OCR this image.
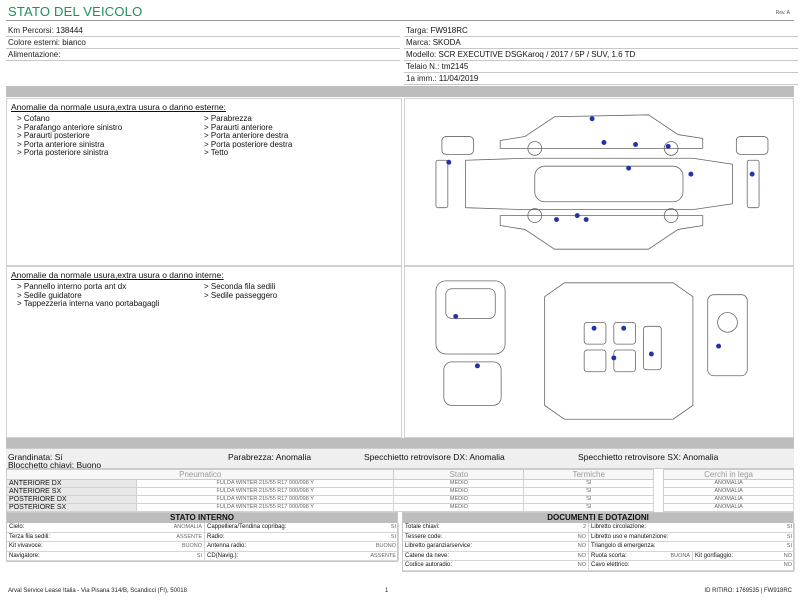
STATO DEL VEICOLO	Rev. A
Km Percorsi: 138444
Colore esterni: bianco
Alimentazione:
Targa: FW918RC
Marca: SKODA
Modello: SCR EXECUTIVE DSGKaroq / 2017 / 5P / SUV, 1.6 TD
Telaio N.: tm2145
1a imm.: 11/04/2019
Anomalie da normale usura,extra usura o danno esterne:
> Cofano
> Parafango anteriore sinistro
> Paraurti posteriore
> Porta anteriore sinistra
> Porta posteriore sinistra
> Parabrezza
> Paraurti anteriore
> Porta anteriore destra
> Porta posteriore destra
> Tetto
Anomalie da normale usura,extra usura o danno interne:
> Pannello interno porta ant dx
> Sedile guidatore
> Tappezzeria interna vano portabagagli
> Seconda fila sedili
> Sedile passeggero
Grandinata: Si	Parabrezza: Anomalia	Specchietto retrovisore DX: Anomalia	Specchietto retrovisore SX: Anomalia
Blocchetto chiavi: Buono
Pneumatico		Stato	Termiche		Cerchi in lega
ANTERIORE DX	FULDA WINTER 215/55 R17 000/098 Y	MEDIO	SI		ANOMALIA
ANTERIORE SX	FULDA WINTER 215/55 R17 000/098 Y	MEDIO	SI		ANOMALIA
POSTERIORE DX	FULDA WINTER 215/55 R17 000/098 Y	MEDIO	SI		ANOMALIA
POSTERIORE SX	FULDA WINTER 215/55 R17 000/098 Y	MEDIO	SI		ANOMALIA
STATO INTERNO
Cielo:	ANOMALIA Cappelliera/Tendina copribag:	SI
Terza fila sedili:	ASSENTE Radio:	SI
Kit vivavoce:	BUONO Antenna radio:	BUONO
Navigatore:	SI CD(Navig.):	ASSENTE
DOCUMENTI E DOTAZIONI
Totale chiavi:	2 Libretto circolazione:	SI
Tessere code:	NO Libretto uso e manutenzione:	SI
Libretto garanzia/service:	NO Triangolo di emergenza:	SI
Catene da neve:	NO Ruota scorta:	BUONA Kit gonfiaggio:	NO
Codice autoradio:	NO Cavo elettrico:	NO
Arval Service Lease Italia - Via Pisana 314/B, Scandicci (FI), 50018	1	ID RITIRO: 1769535 | FW918RC
